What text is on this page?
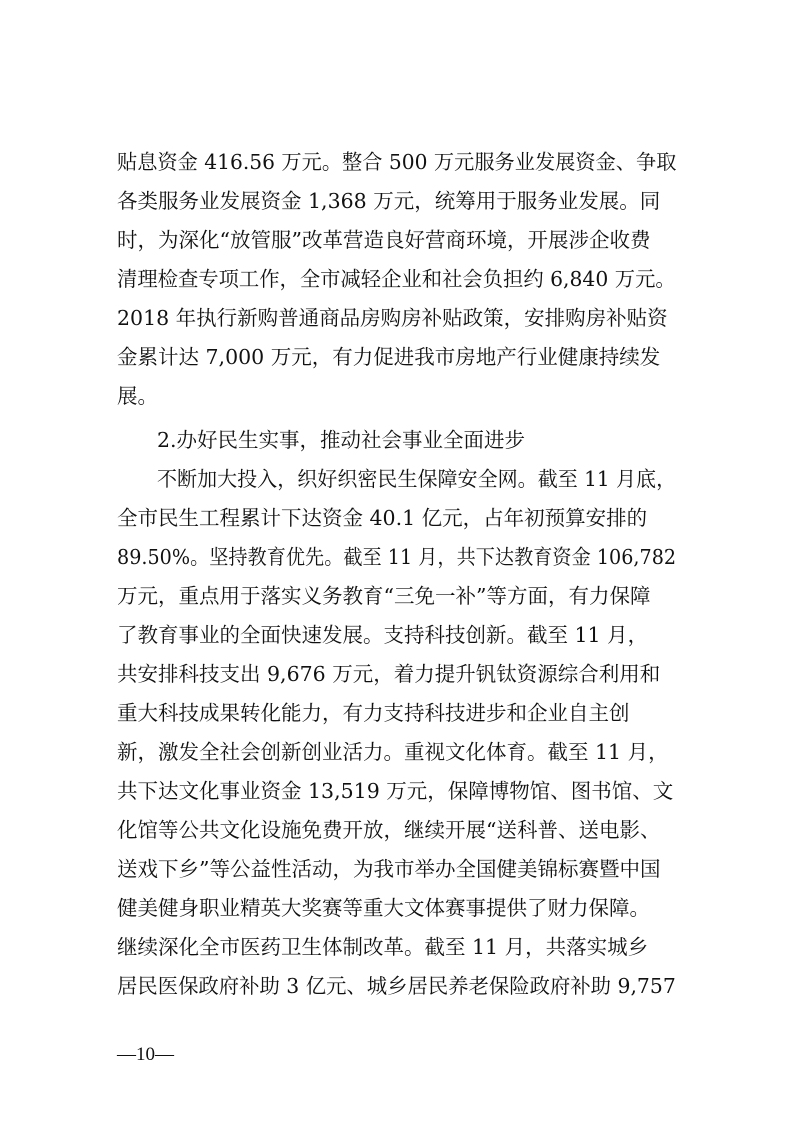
贴息资金 416.56 万元。整合 500 万元服务业发展资金、争取
各类服务业发展资金 1,368 万元，统筹用于服务业发展。同
时，为深化“放管服”改革营造良好营商环境，开展涉企收费
清理检查专项工作，全市减轻企业和社会负担约 6,840 万元。
2018 年执行新购普通商品房购房补贴政策，安排购房补贴资
金累计达 7,000 万元，有力促进我市房地产行业健康持续发
展。
2.办好民生实事，推动社会事业全面进步
不断加大投入，织好织密民生保障安全网。截至 11 月底，
全市民生工程累计下达资金 40.1 亿元，占年初预算安排的
89.50%。坚持教育优先。截至 11 月，共下达教育资金 106,782
万元，重点用于落实义务教育“三免一补”等方面，有力保障
了教育事业的全面快速发展。支持科技创新。截至 11 月，
共安排科技支出 9,676 万元，着力提升钒钛资源综合利用和
重大科技成果转化能力，有力支持科技进步和企业自主创
新，激发全社会创新创业活力。重视文化体育。截至 11 月，
共下达文化事业资金 13,519 万元，保障博物馆、图书馆、文
化馆等公共文化设施免费开放，继续开展“送科普、送电影、
送戏下乡”等公益性活动，为我市举办全国健美锦标赛暨中国
健美健身职业精英大奖赛等重大文体赛事提供了财力保障。
继续深化全市医药卫生体制改革。截至 11 月，共落实城乡
居民医保政府补助 3 亿元、城乡居民养老保险政府补助 9,757
—10—
